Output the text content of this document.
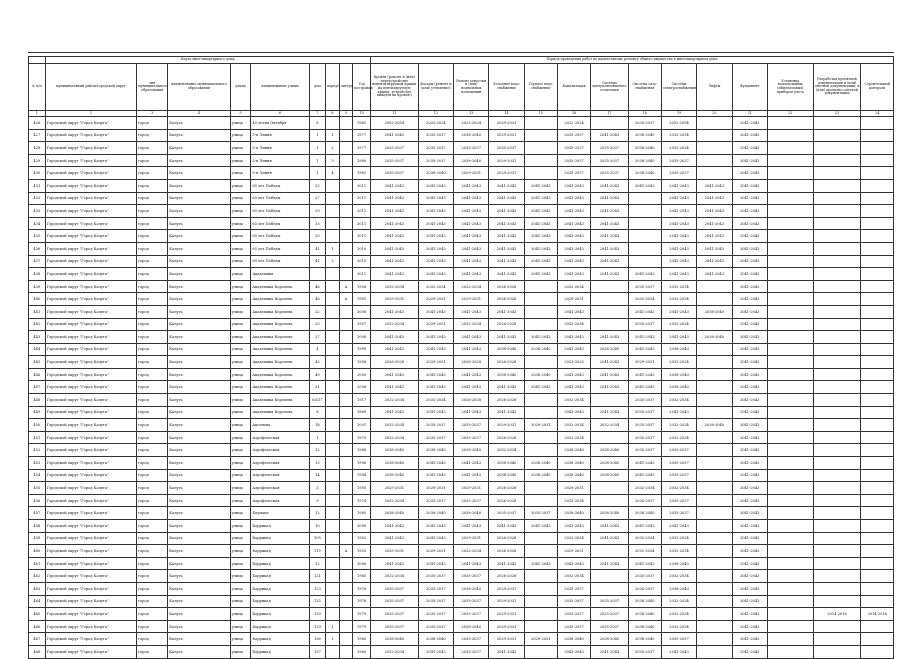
	Карта многоквартирного дома									Период проведения работ по капитальному ремонту общего имущества в многоквартирном доме													
№ п/п	муниципальный район/городской округ	тип муниципального образования	наименование муниципального образования	улица	наименование улицы	дом	корпус	литера	Год постройки	Кровля (ремонт и (или) переустройство невентилируемой крыши на вентилируемую крышу, устройство выходов на кровлю)	Фасады (ремонт и (или) утепление)	Ремонт отмостки и (или) подвальных помещений	Холодное водо-снабжение	Горячее водо-снабжение	Канализация	Система централизованного отопления	Система газо-снабжения	Система электроснабжения	Лифты	Фундамент	Установка коллективных (общедомовых) приборов учета	Разработка проектной документации и (или) сметной документации, в (или) проектно-сметной документации	Строительный контроль
1	2	3	4	5	6	7	8	9	10	11	12	13	14	15	16	17	18	19	20	21	22	23	24
426	Городской округ "Город Калуга"	город	Калуга	улица	40 летия Октября	8			1961	2052-2054	2022-2024	2022-2024	2029-2031		2022-2024		2035-2037	2052-2054		2041-2043			
427	Городской округ "Город Калуга"	город	Калуга	улица	5-я Линия	1	1		1977	2041-2043	2035-2037	2038-2040	2029-2031		2035-2037	2041-2043	2038-2040	2032-2034		2041-2043			
428	Городской округ "Город Калуга"	город	Калуга	улица	5-я Линия	1	2		1977	2035-2037	2035-2037	2035-2037	2035-2037		2035-2037	2035-2037	2038-2040	2032-2034		2041-2043			
429	Городской округ "Город Калуга"	город	Калуга	улица	5-я Линия	1	3		1980	2035-2037	2035-2037	2038-2040	2029-2031		2035-2037	2035-2037	2038-2040	2035-2037		2041-2043			
430	Городской округ "Город Калуга"	город	Калуга	улица	5-я Линия	1	4		1981	2035-2037	2038-2040	2029-2031	2029-2031		2035-2037	2035-2037	2038-2040	2035-2037		2041-2043			
431	Городской округ "Город Калуга"	город	Калуга	улица	65 лет Победы	25			2011	2041-2043	2041-2043	2041-2043	2041-2043	2041-2043	2041-2043	2041-2043	2041-2043	2041-2043	2041-2043	2041-2043			
432	Городской округ "Город Калуга"	город	Калуга	улица	65 лет Победы	27			2011	2041-2043	2041-2043	2041-2043	2041-2043	2041-2043	2041-2043	2041-2043		2041-2043	2041-2043	2041-2043			
433	Городской округ "Город Калуга"	город	Калуга	улица	65 лет Победы	29			2011	2041-2043	2041-2043	2041-2043	2041-2043	2041-2043	2041-2043	2041-2043		2041-2043	2041-2043	2041-2043			
434	Городской округ "Город Калуга"	город	Калуга	улица	65 лет Победы	33			2011	2041-2043	2041-2043	2041-2043	2041-2043	2041-2043	2041-2043	2041-2043		2041-2043	2041-2043	2041-2043			
435	Городской округ "Город Калуга"	город	Калуга	улица	65 лет Победы	35			2011	2041-2043	2041-2043	2041-2043	2041-2043	2041-2043	2041-2043	2041-2043		2041-2043	2041-2043	2041-2043			
436	Городской округ "Город Калуга"	город	Калуга	улица	65 лет Победы	41	1		2010	2041-2043	2041-2043	2041-2043	2041-2043	2041-2043	2041-2043	2041-2043		2041-2043	2041-2043	2041-2043			
437	Городской округ "Город Калуга"	город	Калуга	улица	65 лет Победы	41	2		2010	2041-2043	2041-2043	2041-2043	2041-2043	2041-2043	2041-2043	2041-2043		2041-2043	2041-2043	2041-2043			
438	Городской округ "Город Калуга"	город	Калуга	улица	Академика				2011	2041-2043	2041-2043	2041-2043	2041-2043	2041-2043	2041-2043	2041-2043	2041-2043	2041-2043	2041-2043	2041-2043			
439	Городской округ "Город Калуга"	город	Калуга	улица	Академика Королева	46		А	1958	2032-2034	2032-2034	2032-2034	2026-2028		2032-2034		2035-2037	2032-2034		2041-2043			
440	Городской округ "Город Калуга"	город	Калуга	улица	Академика Королева	46		А	1951	2029-2031	2029-2031	2029-2031	2026-2028		2029-2031		2032-2034	2032-2034		2041-2043			
441	Городской округ "Город Калуга"	город	Калуга	улица	Академика Королева	22			2008	2041-2043	2041-2043	2041-2043	2041-2043		2041-2043		2041-2043	2041-2043	2038-2040	2041-2043			
442	Городской округ "Город Калуга"	город	Калуга	улица	Академика Королева	25			1957	2032-2034	2029-2031	2032-2034	2026-2028		2032-2034		2035-2037	2032-2034		2041-2043			
443	Городской округ "Город Калуга"	город	Калуга	улица	Академика Королева	27			2008	2041-2043	2041-2043	2041-2043	2041-2043	2041-2043	2041-2043	2041-2043	2041-2043	2041-2043	2038-2040	2041-2043			
444	Городской округ "Город Калуга"	город	Калуга	улица	Академика Королева	4			1999	2041-2043	2041-2043	2041-2043	2038-2040	2038-2040	2041-2043	2038-2040	2041-2043	2038-2040		2041-2043			
445	Городской округ "Город Калуга"	город	Калуга	улица	Академика Королева	43			1956	2026-2028	2029-2031	2026-2028	2026-2028		2023-2025	2041-2043	2029-2031	2032-2034		2041-2043			
446	Городской округ "Город Калуга"	город	Калуга	улица	Академика Королева	49			2000	2041-2043	2041-2043	2041-2043	2038-2040	2038-2040	2041-2043	2041-2043	2041-2043	2038-2040		2041-2043			
447	Городской округ "Город Калуга"	город	Калуга	улица	Академика Королева	51			2006	2041-2043	2041-2043	2041-2043	2041-2043	2041-2043	2041-2043	2041-2043	2041-2043	2038-2040		2041-2043			
448	Городской округ "Город Калуга"	город	Калуга	улица	Академика Королева	63/17			1917	2032-2034	2032-2034	2026-2028	2026-2028		2032-2034		2035-2037	2032-2034		2041-2043			
449	Городской округ "Город Калуга"	город	Калуга	улица	Академика Королева	8			1889	2041-2043	2041-2043	2041-2043	2041-2043		2041-2043	2041-2043	2035-2037	2041-2043		2041-2043			
450	Городской округ "Город Калуга"	город	Калуга	улица	Аксенова	18			2001	2032-2034	2035-2037	2035-2037	2029-2031	2029-2031	2032-2034	2032-2034	2035-2037	2032-2034	2038-2040	2041-2043			
451	Городской округ "Город Калуга"	город	Калуга	улица	Аэрофлотская	1			1970	2032-2034	2035-2037	2035-2037	2026-2028		2032-2034		2035-2037	2032-2034		2041-2043			
452	Городской округ "Город Калуга"	город	Калуга	улица	Аэрофлотская	12			1988	2038-2040	2038-2040	2038-2040	2032-2034		2038-2040	2038-2040	2035-2037	2035-2037		2041-2043			
453	Городской округ "Город Калуга"	город	Калуга	улица	Аэрофлотская	13			1996	2038-2040	2041-2043	2041-2043	2038-2040	2038-2040	2038-2040	2038-2040	2041-2043	2035-2037		2041-2043			
454	Городской округ "Город Калуга"	город	Калуга	улица	Аэрофлотская	14			1994	2038-2040	2041-2043	2041-2043	2038-2040	2038-2040	2038-2040	2038-2040	2041-2043	2035-2037		2041-2043			
455	Городской округ "Город Калуга"	город	Калуга	улица	Аэрофлотская	2			1955	2029-2031	2029-2031	2029-2031	2026-2028		2029-2031		2032-2034	2032-2034		2041-2043			
456	Городской округ "Город Калуга"	город	Калуга	улица	Аэрофлотская	9			1974	2032-2034	2035-2037	2035-2037	2026-2028		2032-2034		2035-2037	2035-2037		2041-2043			
457	Городской округ "Город Калуга"	город	Калуга	улица	Баумана	12			1985	2038-2040	2038-2040	2038-2040	2035-2037	2035-2037	2038-2040	2038-2040	2038-2040	2035-2037		2041-2043			
458	Городской округ "Город Калуга"	город	Калуга	улица	Баррикад	10			2006	2041-2043	2041-2043	2041-2043	2041-2043	2041-2043	2041-2043	2041-2043	2041-2043	2041-2043		2041-2043			
459	Городской округ "Город Калуга"	город	Калуга	улица	Баррикад	105			1952	2041-2043	2041-2043	2029-2031	2026-2028		2032-2034	2041-2043	2032-2034	2032-2034		2041-2043			
460	Городской округ "Город Калуга"	город	Калуга	улица	Баррикад	115		А	1953	2029-2031	2029-2031	2032-2034	2026-2028		2029-2031		2032-2034	2032-2034		2041-2043			
461	Городской округ "Город Калуга"	город	Калуга	улица	Баррикад	12			2006	2041-2043	2041-2043	2041-2043	2041-2043	2041-2043	2041-2043	2041-2043	2041-2043	2038-2040		2041-2043			
462	Городской округ "Город Калуга"	город	Калуга	улица	Баррикад	121			1965	2032-2034	2035-2037	2035-2037	2026-2028		2032-2034		2035-2037	2032-2034		2041-2043			
463	Городской округ "Город Калуга"	город	Калуга	улица	Баррикад	123			1976	2035-2037	2035-2037	2038-2040	2029-2031		2035-2037		2035-2037	2038-2040		2041-2043			
464	Городской округ "Город Калуга"	город	Калуга	улица	Баррикад	125			1978	2035-2037	2035-2037	2035-2037	2029-2031		2035-2037	2035-2037	2038-2040	2032-2034		2041-2043			
465	Городской округ "Город Калуга"	город	Калуга	улица	Баррикад	129			1979	2035-2037	2035-2037	2035-2037	2029-2031		2035-2037	2035-2037	2038-2040	2032-2034		2041-2043		2014-2016	2014-2016
466	Городской округ "Город Калуга"	город	Калуга	улица	Баррикад	129	1		1979	2035-2037	2035-2037	2038-2040	2029-2031		2035-2037	2035-2037	2038-2040	2032-2034		2041-2043			
467	Городской округ "Город Калуга"	город	Калуга	улица	Баррикад	136	1		1980	2038-2040	2038-2040	2035-2037	2029-2031	2029-2031	2038-2040	2038-2040	2038-2040	2035-2037		2041-2043			
468	Городской округ "Город Калуга"	город	Калуга	улица	Баррикад	137			1966	2032-2034	2041-2043	2035-2037	2041-2043		2041-2043	2041-2043	2035-2037	2041-2043		2041-2043			
